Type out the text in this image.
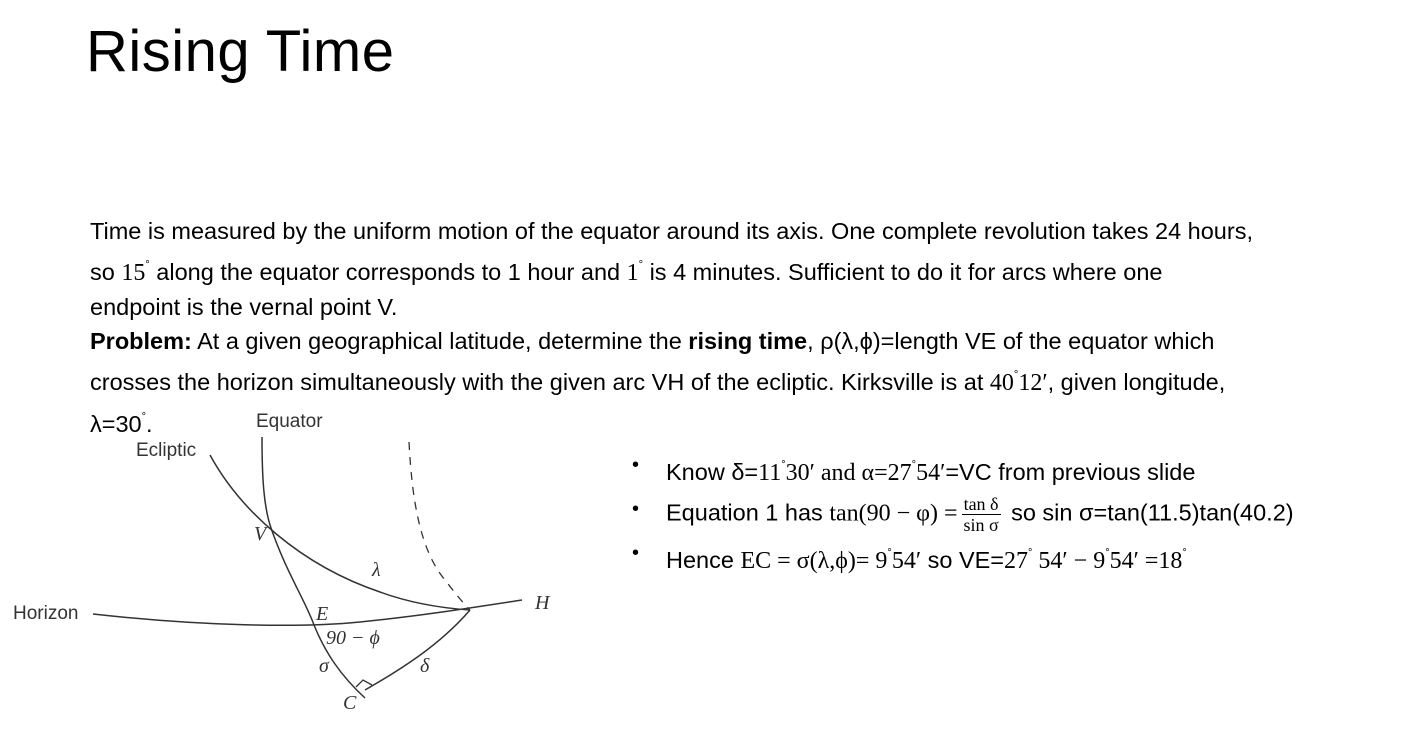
Rising Time
Time is measured by the uniform motion of the equator around its axis. One complete revolution takes 24 hours,
so 15° along the equator corresponds to 1 hour and 1° is 4 minutes. Sufficient to do it for arcs where one
endpoint is the vernal point V.
Problem: At a given geographical latitude, determine the rising time, ρ(λ,ϕ)=length VE of the equator which
crosses the horizon simultaneously with the given arc VH of the ecliptic. Kirksville is at 40°12′, given longitude,
λ=30°.
• Know δ=11°30′ and α=27°54′=VC from previous slide
• Equation 1 has $\tan(90 - \varphi) = \frac{\text{tan δ}}{\text{sin σ}}$ so sin σ=tan(11.5)tan(40.2)
• Hence EC = σ(λ,ϕ)= 9°54′ so VE=27° 54′ − 9°54′ =18°
Equator
Ecliptic
Horizon
V
E	H
C
λ
90 − ϕ
σ	δ
